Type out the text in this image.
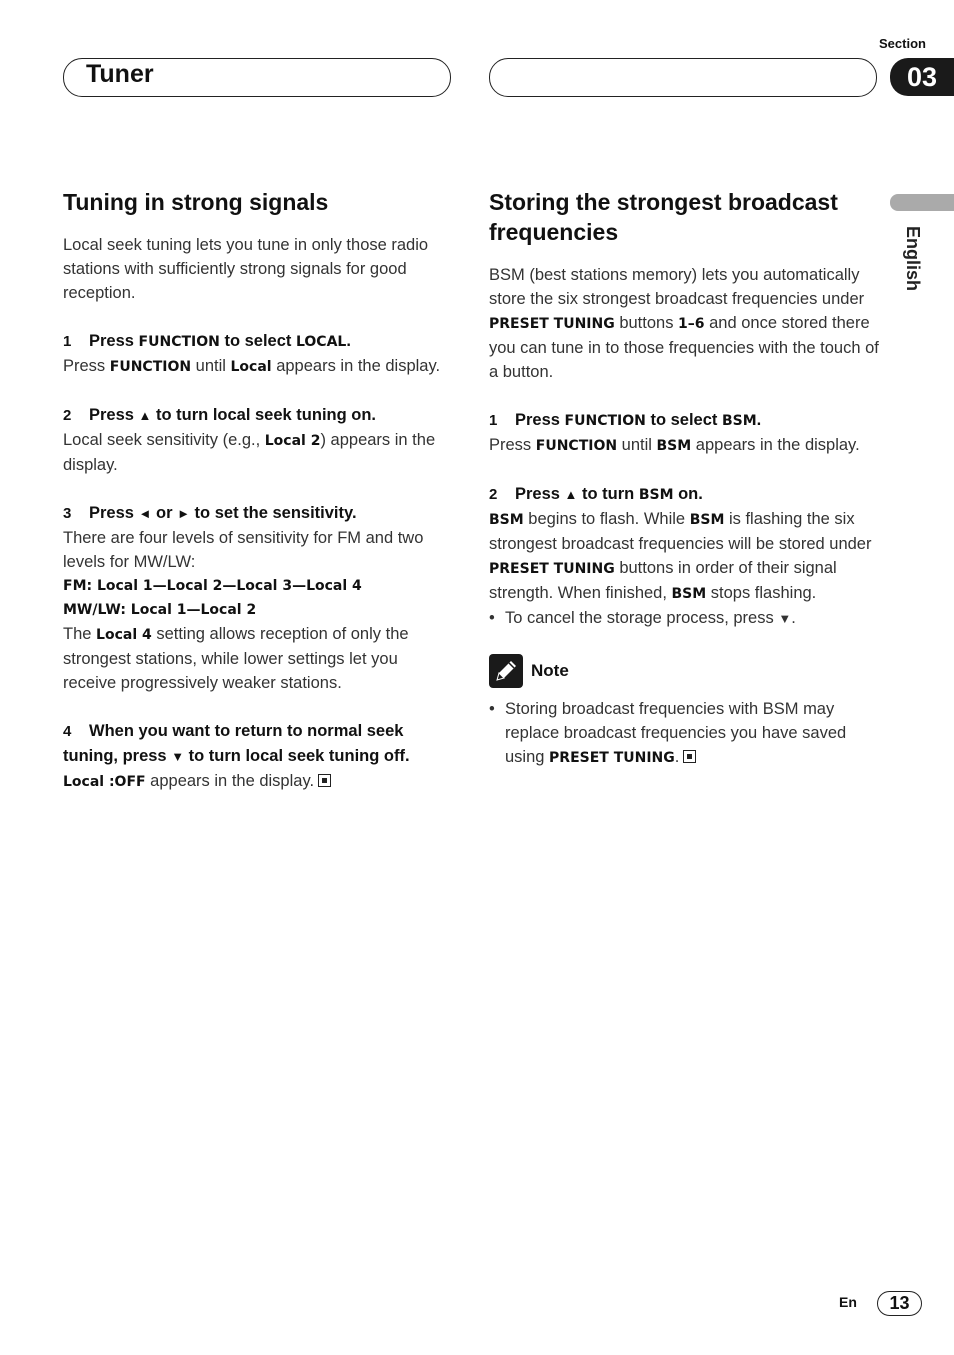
Tuner
Section
03
English
Tuning in strong signals

Local seek tuning lets you tune in only those radio stations with sufficiently strong signals for good reception.

1 Press FUNCTION to select LOCAL.

Press FUNCTION until Local appears in the display.

2 Press ▲ to turn local seek tuning on.

Local seek sensitivity (e.g., Local 2) appears in the display.

3 Press ◄ or ► to set the sensitivity.

There are four levels of sensitivity for FM and two levels for MW/LW:

FM: Local 1—Local 2—Local 3—Local 4

MW/LW: Local 1—Local 2

The Local 4 setting allows reception of only the strongest stations, while lower settings let you receive progressively weaker stations.

4 When you want to return to normal seek tuning, press ▼ to turn local seek tuning off.

Local :OFF appears in the display.

Storing the strongest broadcast frequencies

BSM (best stations memory) lets you automatically store the six strongest broadcast frequencies under PRESET TUNING buttons 1–6 and once stored there you can tune in to those frequencies with the touch of a button.

1 Press FUNCTION to select BSM.

Press FUNCTION until BSM appears in the display.

2 Press ▲ to turn BSM on.

BSM begins to flash. While BSM is flashing the six strongest broadcast frequencies will be stored under PRESET TUNING buttons in order of their signal strength. When finished, BSM stops flashing.

• To cancel the storage process, press ▼.

Note

• Storing broadcast frequencies with BSM may replace broadcast frequencies you have saved using PRESET TUNING.

En	13
